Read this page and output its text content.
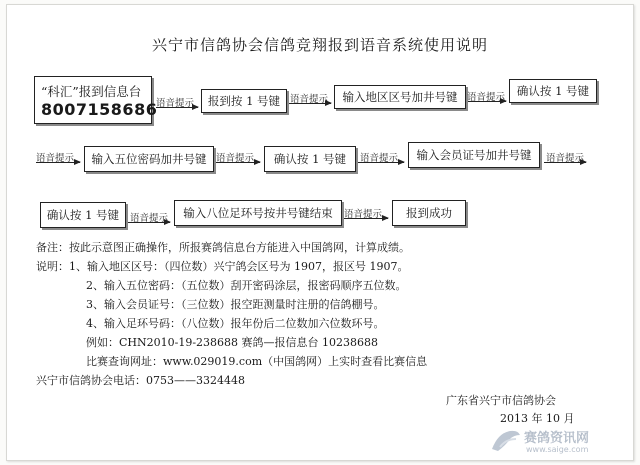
兴宁市信鸽协会信鸽竞翔报到语音系统使用说明
“科汇”报到信息台
8007158686
语音提示	报到按 1 号键	语音提示	输入地区区号加井号键	语音提示	确认按 1 号键
语音提示	输入五位密码加井号键	语音提示	确认按 1 号键	语音提示	输入会员证号加井号键	语音提示
确认按 1 号键	语音提示	输入八位足环号按井号键结束	语音提示	报到成功
备注：按此示意图正确操作，所报赛鸽信息台方能进入中国鸽网，计算成绩。
说明：1、输入地区区号：（四位数）兴宁鸽会区号为 1907，报区号 1907。
2、输入五位密码：（五位数）刮开密码涂层，报密码顺序五位数。
3、输入会员证号：（三位数）报空距测量时注册的信鸽棚号。
4、输入足环号码：（八位数）报年份后二位数加六位数环号。
例如：CHN2010-19-238688 赛鸽—报信息台 10238688
比赛查询网址：www.029019.com（中国鸽网）上实时查看比赛信息
兴宁市信鸽协会电话：0753——3324448
广东省兴宁市信鸽协会
2013 年 10 月
赛鸽资讯网
www.saige.com
